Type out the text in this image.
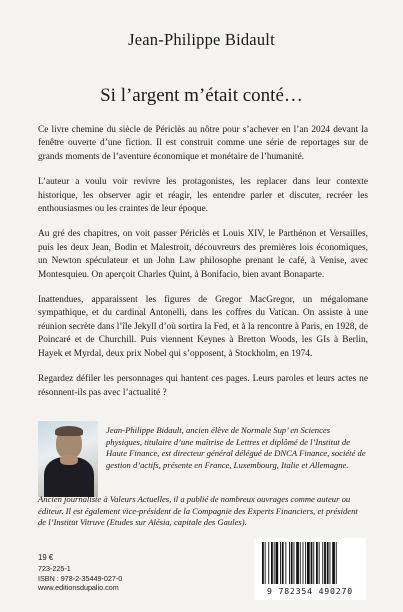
Jean-Philippe Bidault
Si l’argent m’était conté…

Ce livre chemine du siècle de Périclès au nôtre pour s’achever en l’an 2024 devant la fenêtre ouverte d’une fiction. Il est construit comme une série de reportages sur de grands moments de l’aventure économique et monétaire de l’humanité.

L’auteur a voulu voir revivre les protagonistes, les replacer dans leur contexte historique, les observer agir et réagir, les entendre parler et discuter, recréer les enthousiasmes ou les craintes de leur époque.

Au gré des chapitres, on voit passer Périclès et Louis XIV, le Parthénon et Versailles, puis les deux Jean, Bodin et Malestroit, découvreurs des premières lois économiques, un Newton spéculateur et un John Law philosophe prenant le café, à Venise, avec Montesquieu. On aperçoit Charles Quint, à Bonifacio, bien avant Bonaparte.

Inattendues, apparaissent les figures de Gregor MacGregor, un mégalomane sympathique, et du cardinal Antonelli, dans les coffres du Vatican. On assiste à une réunion secrète dans l’île Jekyll d’où sortira la Fed, et à la rencontre à Paris, en 1928, de Poincaré et de Churchill. Puis viennent Keynes à Bretton Woods, les GIs à Berlin, Hayek et Myrdal, deux prix Nobel qui s’opposent, à Stockholm, en 1974.

Regardez défiler les personnages qui hantent ces pages. Leurs paroles et leurs actes ne résonnent-ils pas avec l’actualité ?

Jean-Philippe Bidault, ancien élève de Normale Sup’ en Sciences physiques, titulaire d’une maîtrise de Lettres et diplômé de l’Institut de Haute Finance, est directeur général délégué de DNCA Finance, société de gestion d’actifs, présente en France, Luxembourg, Italie et Allemagne.
Ancien journaliste à Valeurs Actuelles, il a publié de nombreux ouvrages comme auteur ou éditeur. Il est également vice-président de la Compagnie des Experts Financiers, et président de l’Institut Vitruve (Etudes sur Alésia, capitale des Gaules).
19 €
723-225-1
ISBN : 978-2-35449-027-0
www.editionsdupalio.com	9 782354 490270
